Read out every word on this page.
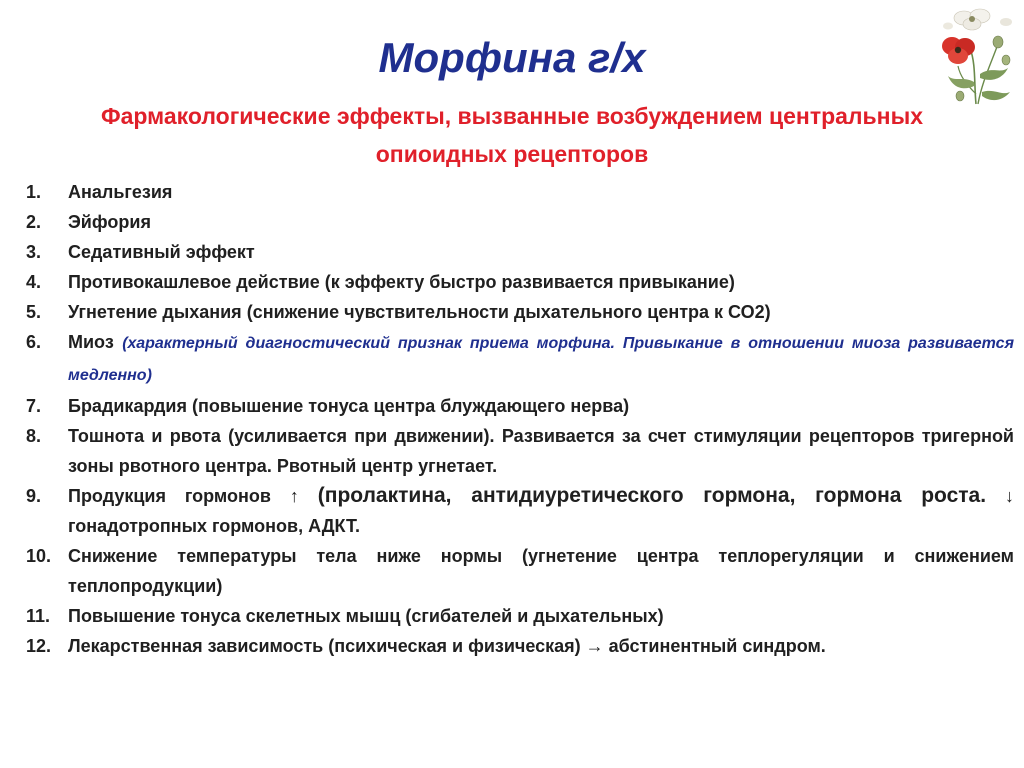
Морфина г/х
Фармакологические эффекты, вызванные возбуждением центральных опиоидных рецепторов
1.	Анальгезия
2.	Эйфория
3.	Седативный эффект
4.	Противокашлевое действие (к эффекту быстро развивается привыкание)
5.	Угнетение дыхания (снижение чувствительности дыхательного центра к СО2)
6.	Миоз (характерный диагностический признак приема морфина. Привыкание в отношении миоза развивается медленно)
7.	Брадикардия (повышение тонуса центра блуждающего нерва)
8.	Тошнота и рвота (усиливается при движении). Развивается за счет стимуляции рецепторов тригерной зоны рвотного центра. Рвотный центр угнетает.
9.	Продукция гормонов ↑ (пролактина, антидиуретического гормона, гормона роста. ↓ гонадотропных гормонов, АДКТ.
10. Снижение температуры тела ниже нормы (угнетение центра теплорегуляции и снижением теплопродукции)
11. Повышение тонуса скелетных мышц (сгибателей и дыхательных)
12. Лекарственная зависимость (психическая и физическая) → абстинентный синдром.
